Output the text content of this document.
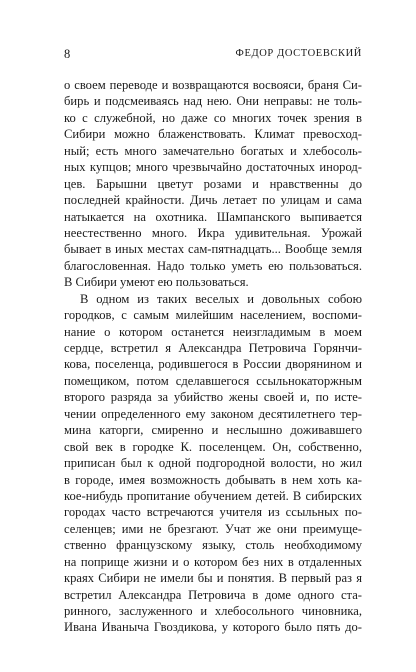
8	ФЕДОР ДОСТОЕВСКИЙ
о своем переводе и возвращаются восвояси, браня Си-
бирь и подсмеиваясь над нею. Они неправы: не толь-
ко с служебной, но даже со многих точек зрения в
Сибири можно блаженствовать. Климат превосход-
ный; есть много замечательно богатых и хлебосоль-
ных купцов; много чрезвычайно достаточных инород-
цев. Барышни цветут розами и нравственны до
последней крайности. Дичь летает по улицам и сама
натыкается на охотника. Шампанского выпивается
неестественно много. Икра удивительная. Урожай
бывает в иных местах сам-пятнадцать... Вообще земля
благословенная. Надо только уметь ею пользоваться.
В Сибири умеют ею пользоваться.
В одном из таких веселых и довольных собою
городков, с самым милейшим населением, воспоми-
нание о котором останется неизгладимым в моем
сердце, встретил я Александра Петровича Горянчи-
кова, поселенца, родившегося в России дворянином и
помещиком, потом сделавшегося ссыльнокаторжным
второго разряда за убийство жены своей и, по исте-
чении определенного ему законом десятилетнего тер-
мина каторги, смиренно и неслышно доживавшего
свой век в городке К. поселенцем. Он, собственно,
приписан был к одной подгородной волости, но жил
в городе, имея возможность добывать в нем хоть ка-
кое-нибудь пропитание обучением детей. В сибирских
городах часто встречаются учителя из ссыльных по-
селенцев; ими не брезгают. Учат же они преимуще-
ственно французскому языку, столь необходимому
на поприще жизни и о котором без них в отдаленных
краях Сибири не имели бы и понятия. В первый раз я
встретил Александра Петровича в доме одного ста-
ринного, заслуженного и хлебосольного чиновника,
Ивана Иваныча Гвоздикова, у которого было пять до-
